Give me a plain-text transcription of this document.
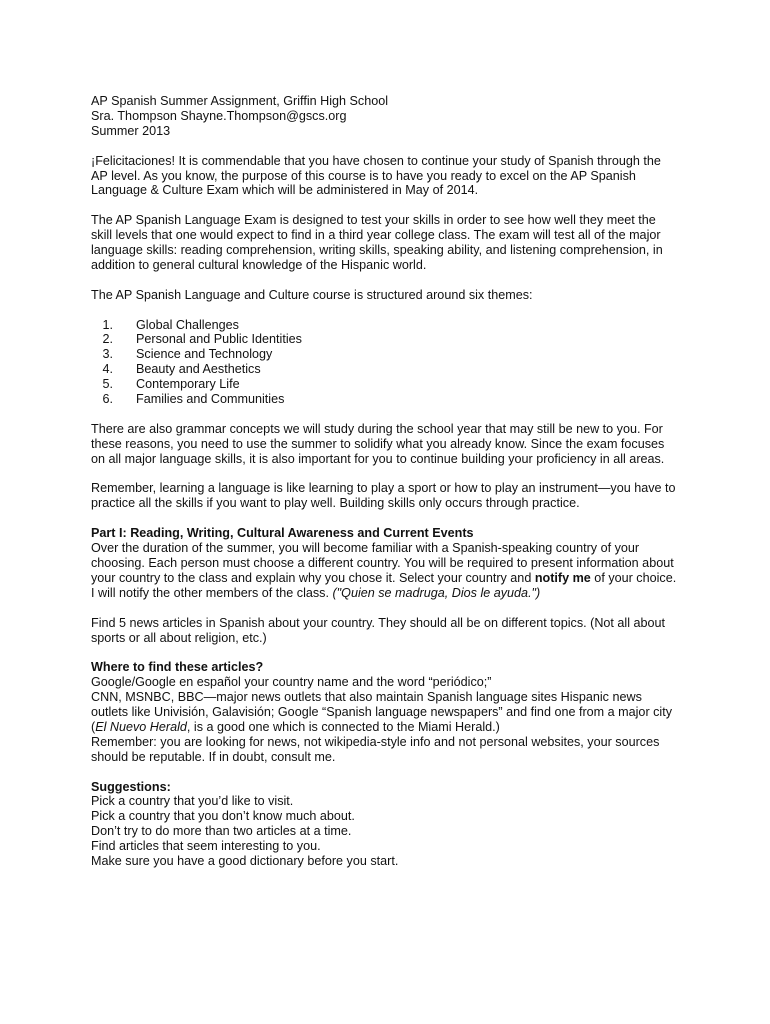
AP Spanish Summer Assignment, Griffin High School
Sra. Thompson Shayne.Thompson@gscs.org
Summer 2013
¡Felicitaciones! It is commendable that you have chosen to continue your study of Spanish through the
AP level. As you know, the purpose of this course is to have you ready to excel on the AP Spanish
Language & Culture Exam which will be administered in May of 2014.
The AP Spanish Language Exam is designed to test your skills in order to see how well they meet the
skill levels that one would expect to find in a third year college class. The exam will test all of the major
language skills: reading comprehension, writing skills, speaking ability, and listening comprehension, in
addition to general cultural knowledge of the Hispanic world.
The AP Spanish Language and Culture course is structured around six themes:
1. Global Challenges
2. Personal and Public Identities
3. Science and Technology
4. Beauty and Aesthetics
5. Contemporary Life
6. Families and Communities
There are also grammar concepts we will study during the school year that may still be new to you. For
these reasons, you need to use the summer to solidify what you already know. Since the exam focuses
on all major language skills, it is also important for you to continue building your proficiency in all areas.
Remember, learning a language is like learning to play a sport or how to play an instrument—you have to
practice all the skills if you want to play well. Building skills only occurs through practice.
Part I: Reading, Writing, Cultural Awareness and Current Events
Over the duration of the summer, you will become familiar with a Spanish-speaking country of your
choosing. Each person must choose a different country. You will be required to present information about
your country to the class and explain why you chose it. Select your country and notify me of your choice.
I will notify the other members of the class. ("Quien se madruga, Dios le ayuda.")
Find 5 news articles in Spanish about your country. They should all be on different topics. (Not all about
sports or all about religion, etc.)
Where to find these articles?
Google/Google en español your country name and the word “periódico;”
CNN, MSNBC, BBC—major news outlets that also maintain Spanish language sites Hispanic news
outlets like Univisión, Galavisión; Google “Spanish language newspapers” and find one from a major city
(El Nuevo Herald, is a good one which is connected to the Miami Herald.)
Remember: you are looking for news, not wikipedia-style info and not personal websites, your sources
should be reputable. If in doubt, consult me.
Suggestions:
Pick a country that you’d like to visit.
Pick a country that you don’t know much about.
Don’t try to do more than two articles at a time.
Find articles that seem interesting to you.
Make sure you have a good dictionary before you start.
